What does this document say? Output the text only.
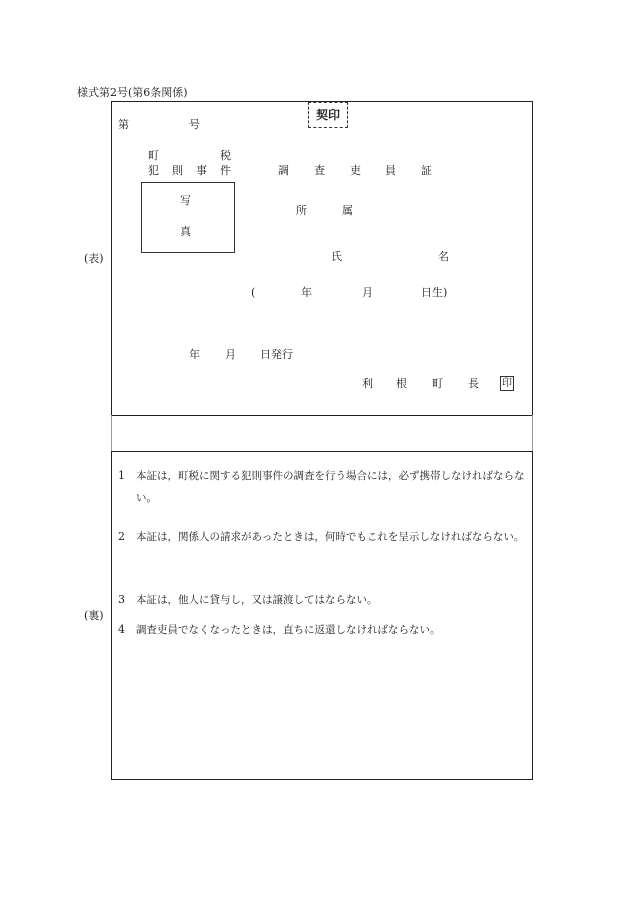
様式第2号(第6条関係)
(表)
契印
第	号
町	税
犯 則 事 件	調 査 吏 員 証
写
真
所	属
氏	名
(	年	月	日生)
年 月 日発行
利 根 町 長 印
(裏)
1 本証は，町税に関する犯則事件の調査を行う場合には，必ず携帯しなければならない。
2 本証は，関係人の請求があったときは，何時でもこれを呈示しなければならない。
3 本証は，他人に貸与し，又は譲渡してはならない。
4 調査吏員でなくなったときは，直ちに返還しなければならない。
